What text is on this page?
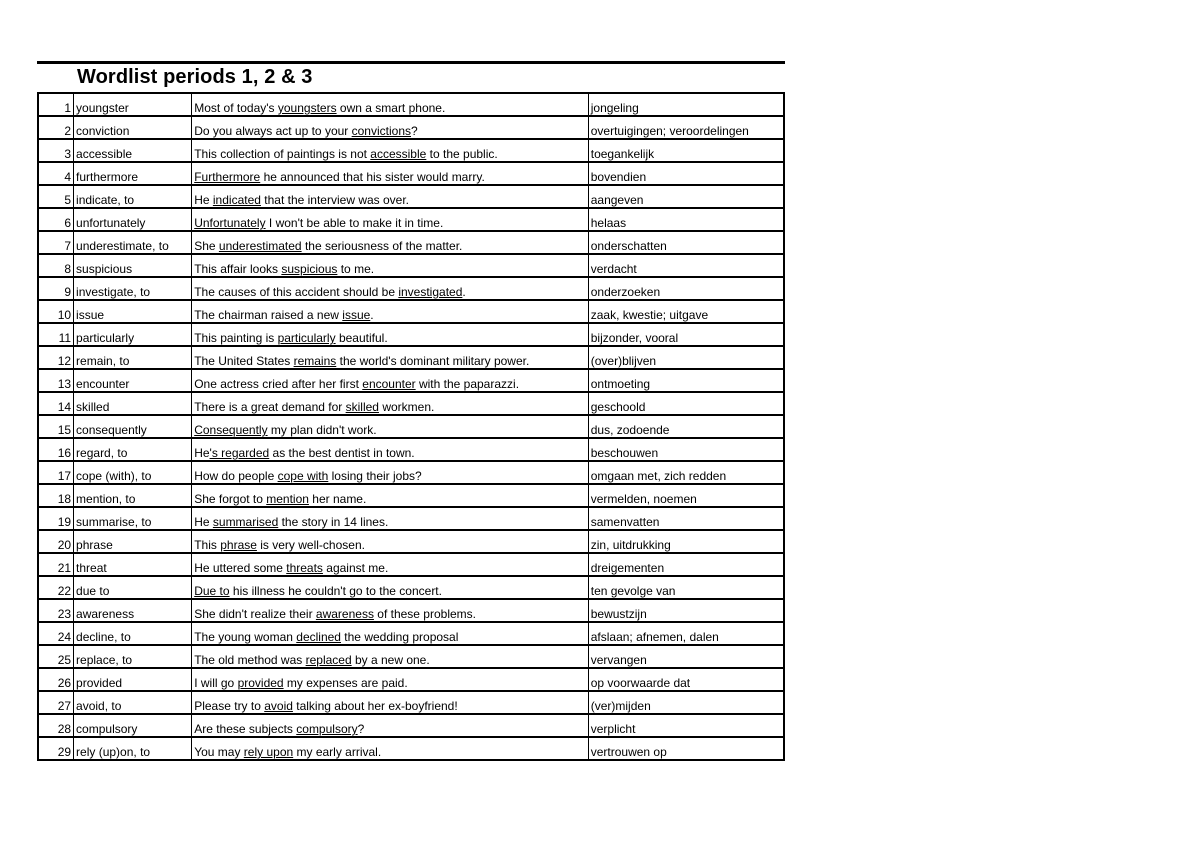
Wordlist periods 1, 2 & 3
1	youngster	Most of today's youngsters own a smart phone.	jongeling
2	conviction	Do you always act up to your convictions?	overtuigingen; veroordelingen
3	accessible	This collection of paintings is not accessible to the public.	toegankelijk
4	furthermore	Furthermore he announced that his sister would marry.	bovendien
5	indicate, to	He indicated that the interview was over.	aangeven
6	unfortunately	Unfortunately I won't be able to make it in time.	helaas
7	underestimate, to	She underestimated the seriousness of the matter.	onderschatten
8	suspicious	This affair looks suspicious to me.	verdacht
9	investigate, to	The causes of this accident should be investigated.	onderzoeken
10	issue	The chairman raised a new issue.	zaak, kwestie; uitgave
11	particularly	This painting is particularly beautiful.	bijzonder, vooral
12	remain, to	The United States remains the world's dominant military power.	(over)blijven
13	encounter	One actress cried after her first encounter with the paparazzi.	ontmoeting
14	skilled	There is a great demand for skilled workmen.	geschoold
15	consequently	Consequently my plan didn't work.	dus, zodoende
16	regard, to	He's regarded as the best dentist in town.	beschouwen
17	cope (with), to	How do people cope with losing their jobs?	omgaan met, zich redden
18	mention, to	She forgot to mention her name.	vermelden, noemen
19	summarise, to	He summarised the story in 14 lines.	samenvatten
20	phrase	This phrase is very well-chosen.	zin, uitdrukking
21	threat	He uttered some threats against me.	dreigementen
22	due to	Due to his illness he couldn't go to the concert.	ten gevolge van
23	awareness	She didn't realize their awareness of these problems.	bewustzijn
24	decline, to	The young woman declined the wedding proposal	afslaan; afnemen, dalen
25	replace, to	The old method was replaced by a new one.	vervangen
26	provided	I will go provided my expenses are paid.	op voorwaarde dat
27	avoid, to	Please try to avoid talking about her ex-boyfriend!	(ver)mijden
28	compulsory	Are these subjects compulsory?	verplicht
29	rely (up)on, to	You may rely upon my early arrival.	vertrouwen op
